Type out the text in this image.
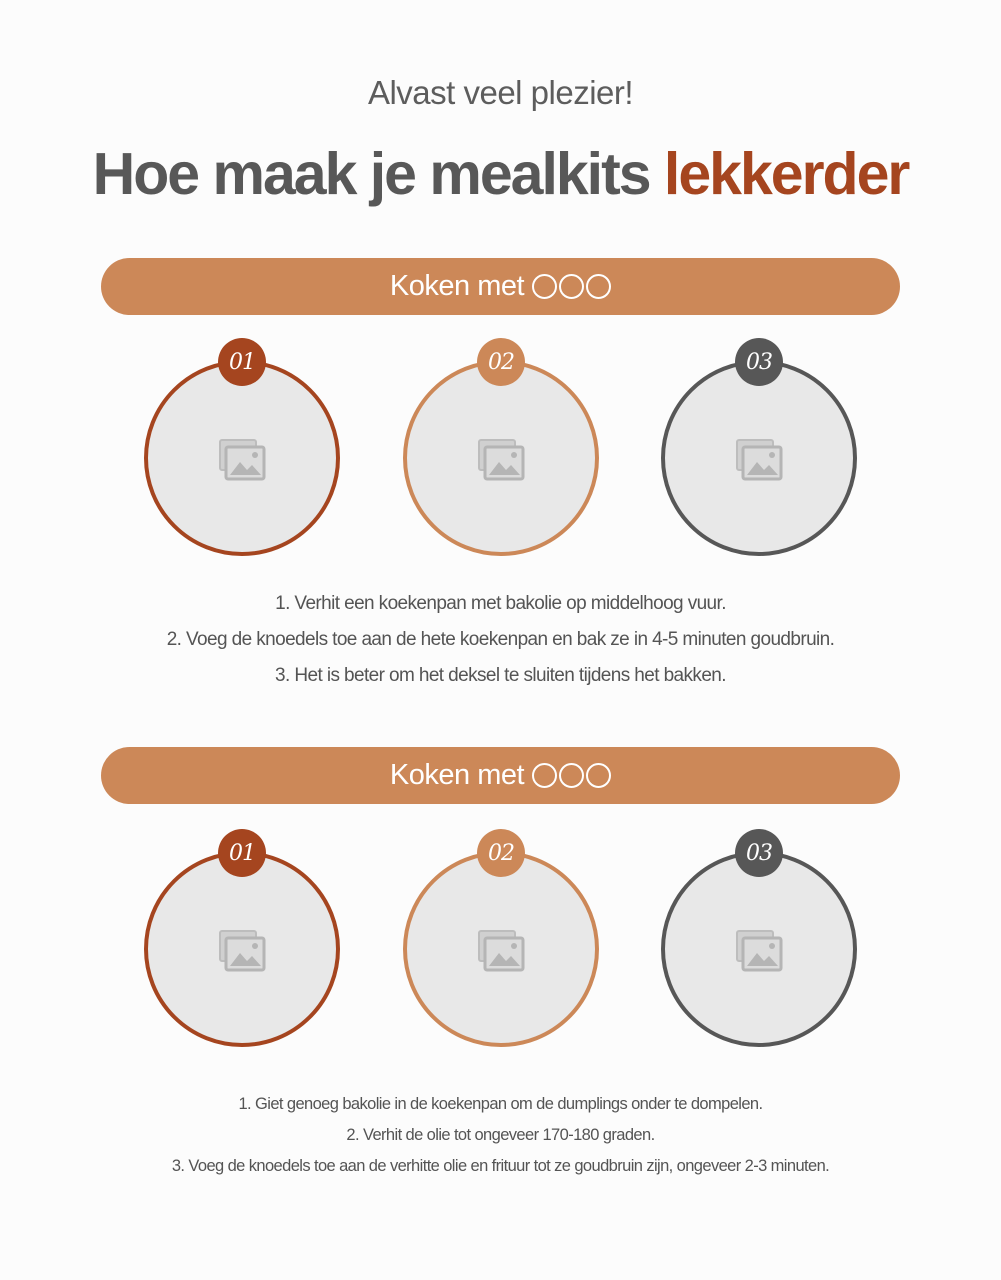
Alvast veel plezier!
Hoe maak je mealkits lekkerder
Koken met
01	02	03
1. Verhit een koekenpan met bakolie op middelhoog vuur.
2. Voeg de knoedels toe aan de hete koekenpan en bak ze in 4-5 minuten goudbruin.
3. Het is beter om het deksel te sluiten tijdens het bakken.
Koken met
01	02	03
1. Giet genoeg bakolie in de koekenpan om de dumplings onder te dompelen.
2. Verhit de olie tot ongeveer 170-180 graden.
3. Voeg de knoedels toe aan de verhitte olie en frituur tot ze goudbruin zijn, ongeveer 2-3 minuten.
